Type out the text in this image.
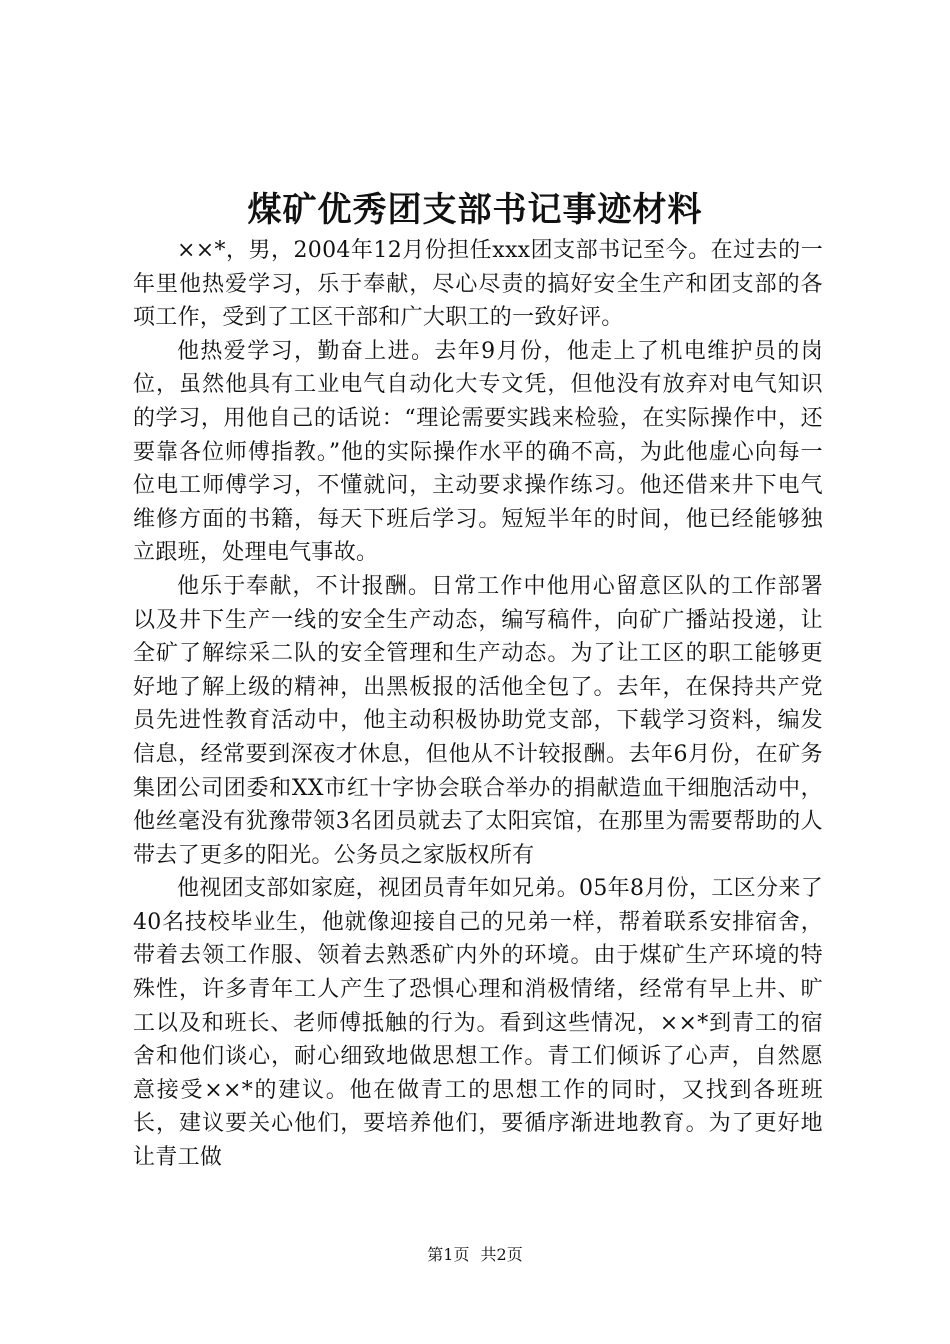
煤矿优秀团支部书记事迹材料

××*，男，2004年12月份担任xxx团支部书记至今。在过去的一年里他热爱学习，乐于奉献，尽心尽责的搞好安全生产和团支部的各项工作，受到了工区干部和广大职工的一致好评。

他热爱学习，勤奋上进。去年9月份，他走上了机电维护员的岗位，虽然他具有工业电气自动化大专文凭，但他没有放弃对电气知识的学习，用他自己的话说：“理论需要实践来检验，在实际操作中，还要靠各位师傅指教。”他的实际操作水平的确不高，为此他虚心向每一位电工师傅学习，不懂就问，主动要求操作练习。他还借来井下电气维修方面的书籍，每天下班后学习。短短半年的时间，他已经能够独立跟班，处理电气事故。

他乐于奉献，不计报酬。日常工作中他用心留意区队的工作部署以及井下生产一线的安全生产动态，编写稿件，向矿广播站投递，让全矿了解综采二队的安全管理和生产动态。为了让工区的职工能够更好地了解上级的精神，出黑板报的活他全包了。去年，在保持共产党员先进性教育活动中，他主动积极协助党支部，下载学习资料，编发信息，经常要到深夜才休息，但他从不计较报酬。去年6月份，在矿务集团公司团委和XX市红十字协会联合举办的捐献造血干细胞活动中，他丝毫没有犹豫带领3名团员就去了太阳宾馆，在那里为需要帮助的人带去了更多的阳光。公务员之家版权所有

他视团支部如家庭，视团员青年如兄弟。05年8月份，工区分来了40名技校毕业生，他就像迎接自己的兄弟一样，帮着联系安排宿舍，带着去领工作服、领着去熟悉矿内外的环境。由于煤矿生产环境的特殊性，许多青年工人产生了恐惧心理和消极情绪，经常有早上井、旷工以及和班长、老师傅抵触的行为。看到这些情况，××*到青工的宿舍和他们谈心，耐心细致地做思想工作。青工们倾诉了心声，自然愿意接受××*的建议。他在做青工的思想工作的同时，又找到各班班长，建议要关心他们，要培养他们，要循序渐进地教育。为了更好地让青工做

第1页 共2页
